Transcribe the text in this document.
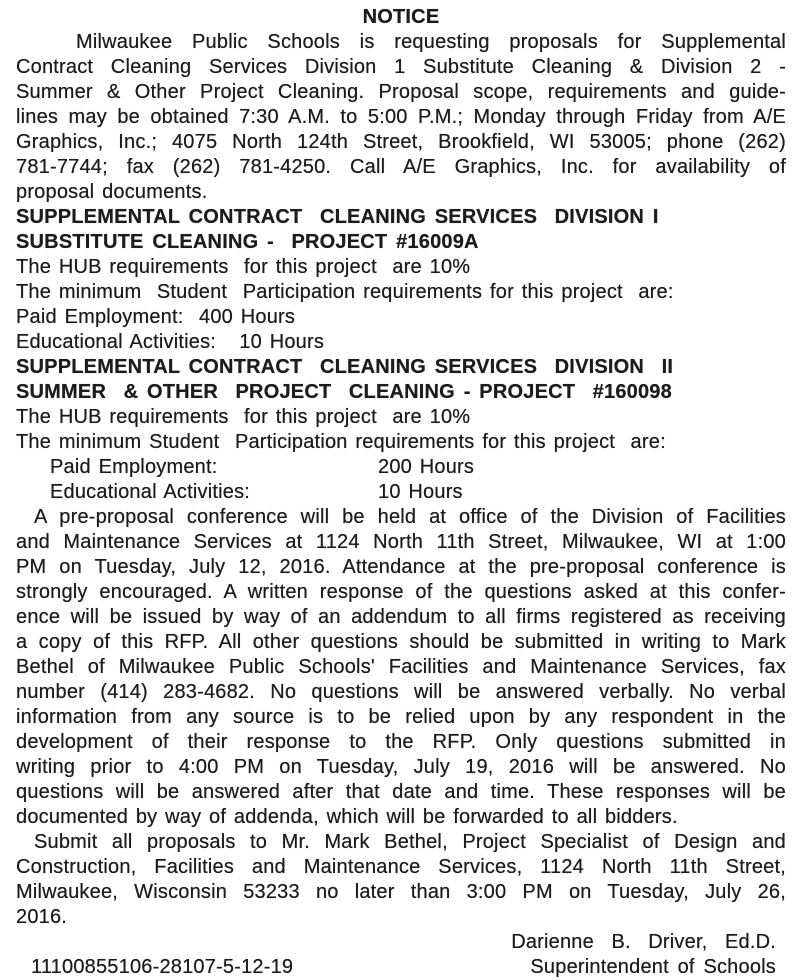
NOTICE
Milwaukee Public Schools is requesting proposals for Supplemental
Contract Cleaning Services Division 1 Substitute Cleaning & Division 2 -
Summer & Other Project Cleaning. Proposal scope, requirements and guide-
lines may be obtained 7:30 A.M. to 5:00 P.M.; Monday through Friday from A/E
Graphics, Inc.; 4075 North 124th Street, Brookfield, WI 53005; phone (262)
781-7744; fax (262) 781-4250. Call A/E Graphics, Inc. for availability of
proposal documents.
SUPPLEMENTAL CONTRACT  CLEANING SERVICES  DIVISION I
SUBSTITUTE CLEANING -  PROJECT #16009A
The HUB requirements  for this project  are 10%
The minimum  Student  Participation requirements for this project  are:
Paid Employment:  400 Hours
Educational Activities:   10 Hours
SUPPLEMENTAL CONTRACT  CLEANING SERVICES  DIVISION  II
SUMMER  & OTHER  PROJECT  CLEANING - PROJECT  #160098
The HUB requirements  for this project  are 10%
The minimum Student  Participation requirements for this project  are:
Paid Employment:	200 Hours
Educational Activities:	10 Hours
A pre-proposal conference will be held at office of the Division of Facilities
and Maintenance Services at 1124 North 11th Street, Milwaukee, WI at 1:00
PM on Tuesday, July 12, 2016. Attendance at the pre-proposal conference is
strongly encouraged. A written response of the questions asked at this confer-
ence will be issued by way of an addendum to all firms registered as receiving
a copy of this RFP. All other questions should be submitted in writing to Mark
Bethel of Milwaukee Public Schools' Facilities and Maintenance Services, fax
number (414) 283-4682. No questions will be answered verbally. No verbal
information from any source is to be relied upon by any respondent in the
development of their response to the RFP. Only questions submitted in
writing prior to 4:00 PM on Tuesday, July 19, 2016 will be answered. No
questions will be answered after that date and time. These responses will be
documented by way of addenda, which will be forwarded to all bidders.
Submit all proposals to Mr. Mark Bethel, Project Specialist of Design and
Construction, Facilities and Maintenance Services, 1124 North 11th Street,
Milwaukee, Wisconsin 53233 no later than 3:00 PM on Tuesday, July 26,
2016.
Darienne  B.  Driver,  Ed.D.
11100855106-28107-5-12-19	Superintendent of Schools
